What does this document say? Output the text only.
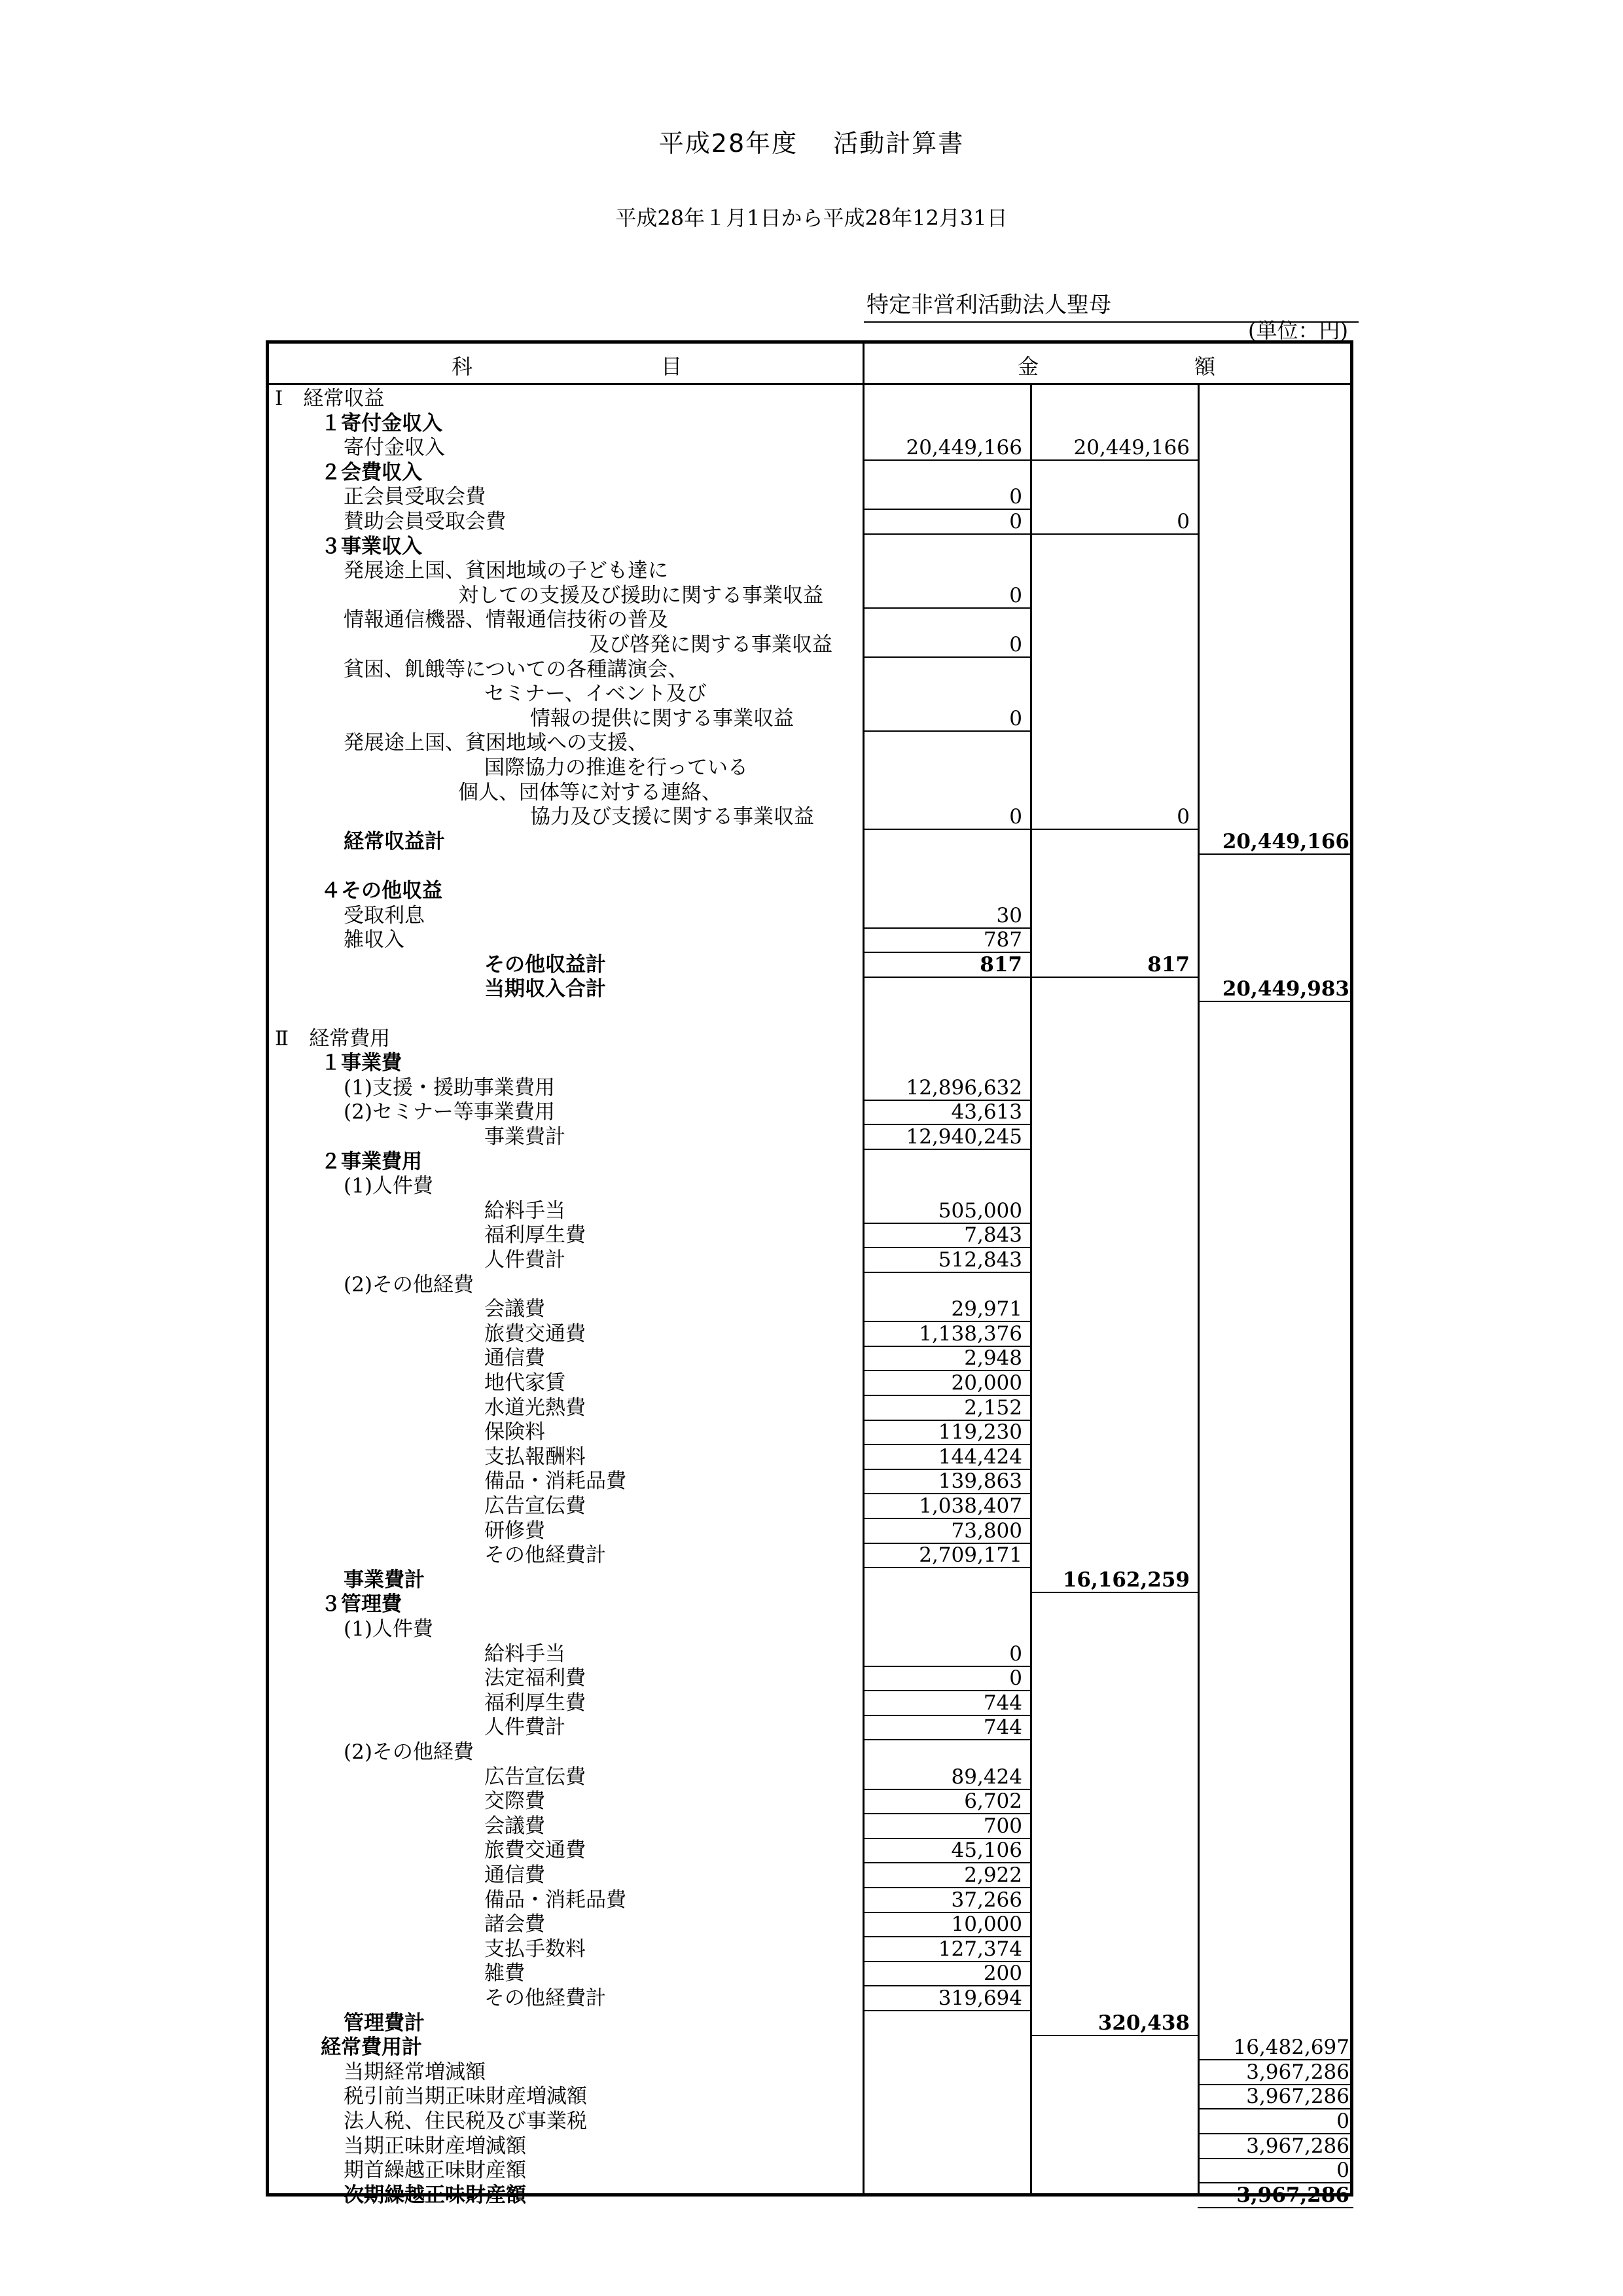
平成28年度　 活動計算書
平成28年１月1日から平成28年12月31日
特定非営利活動法人聖母
(単位：円)
科	目	金	額
Ⅰ　経常収益
１寄付金収入
寄付金収入	20,449,166	20,449,166
２会費収入
正会員受取会費	0
賛助会員受取会費	0	0
３事業収入
発展途上国、貧困地域の子ども達に
対しての支援及び援助に関する事業収益	0
情報通信機器、情報通信技術の普及
及び啓発に関する事業収益	0
貧困、飢餓等についての各種講演会、
セミナー、イベント及び
情報の提供に関する事業収益	0
発展途上国、貧困地域への支援、
国際協力の推進を行っている
個人、団体等に対する連絡、
協力及び支援に関する事業収益	0	0
経常収益計	20,449,166
４その他収益
受取利息	30
雑収入	787
その他収益計	817	817
当期収入合計	20,449,983
Ⅱ　経常費用
１事業費
(1)支援・援助事業費用	12,896,632
(2)セミナー等事業費用	43,613
事業費計	12,940,245
２事業費用
(1)人件費
給料手当	505,000
福利厚生費	7,843
人件費計	512,843
(2)その他経費
会議費	29,971
旅費交通費	1,138,376
通信費	2,948
地代家賃	20,000
水道光熱費	2,152
保険料	119,230
支払報酬料	144,424
備品・消耗品費	139,863
広告宣伝費	1,038,407
研修費	73,800
その他経費計	2,709,171
事業費計	16,162,259
３管理費
(1)人件費
給料手当	0
法定福利費	0
福利厚生費	744
人件費計	744
(2)その他経費
広告宣伝費	89,424
交際費	6,702
会議費	700
旅費交通費	45,106
通信費	2,922
備品・消耗品費	37,266
諸会費	10,000
支払手数料	127,374
雑費	200
その他経費計	319,694
管理費計	320,438
経常費用計	16,482,697
当期経常増減額	3,967,286
税引前当期正味財産増減額	3,967,286
法人税、住民税及び事業税	0
当期正味財産増減額	3,967,286
期首繰越正味財産額	0
次期繰越正味財産額	3,967,286
